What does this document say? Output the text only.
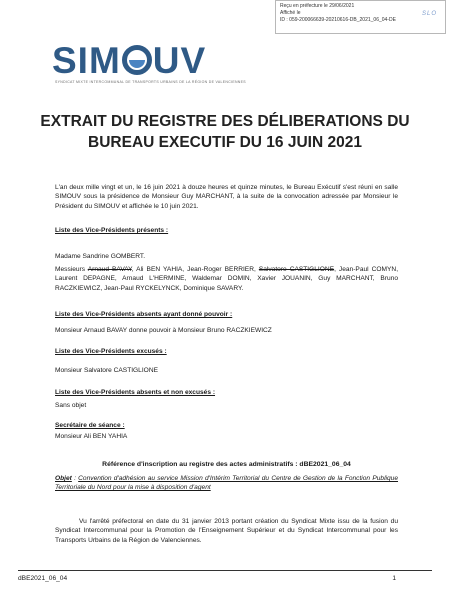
Reçu en préfecture le 29/06/2021
Affiché le
ID : 059-200066639-20210616-DB_2021_06_04-DE
SLO
SIM UV
SYNDICAT MIXTE INTERCOMMUNAL DE TRANSPORTS URBAINS DE LA RÉGION DE VALENCIENNES
EXTRAIT DU REGISTRE DES DÉLIBERATIONS DU
BUREAU EXECUTIF DU 16 JUIN 2021
L'an deux mille vingt et un, le 16 juin 2021 à douze heures et quinze minutes, le Bureau Exécutif s'est réuni en salle SIMOUV sous la présidence de Monsieur Guy MARCHANT, à la suite de la convocation adressée par Monsieur le Président du SIMOUV et affichée le 10 juin 2021.
Liste des Vice-Présidents présents :
Madame Sandrine GOMBERT.
Messieurs Arnaud BAVAY, Ali BEN YAHIA, Jean-Roger BERRIER, Salvatore CASTIGLIONE, Jean-Paul COMYN, Laurent DEPAGNE, Arnaud L'HERMINE, Waldemar DOMIN, Xavier JOUANIN, Guy MARCHANT, Bruno RACZKIEWICZ, Jean-Paul RYCKELYNCK, Dominique SAVARY.
Liste des Vice-Présidents absents ayant donné pouvoir :
Monsieur Arnaud BAVAY donne pouvoir à Monsieur Bruno RACZKIEWICZ
Liste des Vice-Présidents excusés :
Monsieur Salvatore CASTIGLIONE
Liste des Vice-Présidents absents et non excusés :
Sans objet
Secrétaire de séance :
Monsieur Ali BEN YAHIA
Référence d'inscription au registre des actes administratifs : dBE2021_06_04
Objet : Convention d'adhésion au service Mission d'Intérim Territorial du Centre de Gestion de la Fonction Publique Territoriale du Nord pour la mise à disposition d'agent
Vu l'arrêté préfectoral en date du 31 janvier 2013 portant création du Syndicat Mixte issu de la fusion du Syndicat Intercommunal pour la Promotion de l'Enseignement Supérieur et du Syndicat Intercommunal pour les Transports Urbains de la Région de Valenciennes.
dBE2021_06_04	1
